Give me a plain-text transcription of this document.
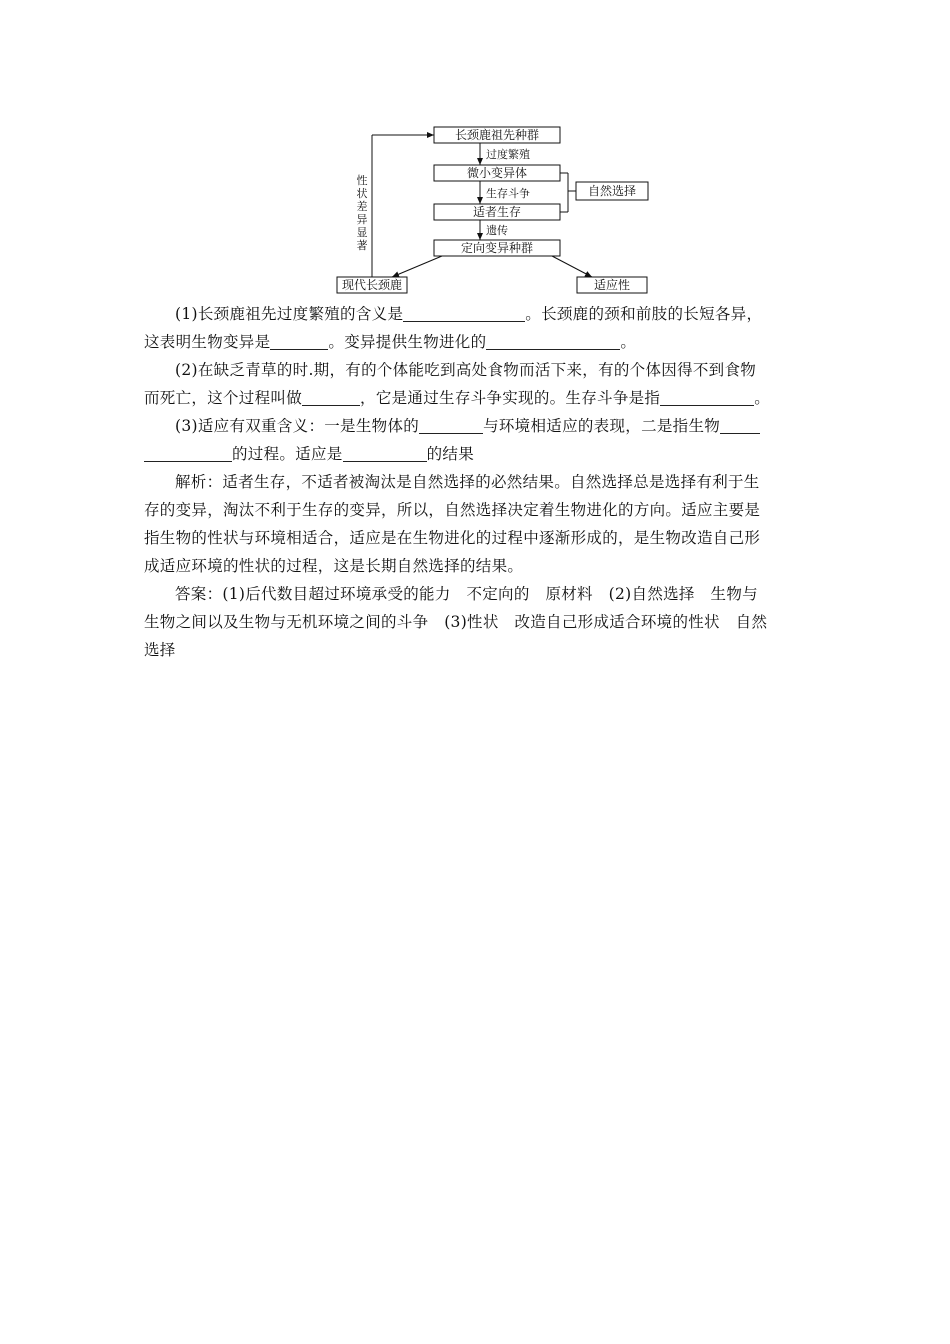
长颈鹿祖先种群
微小变异体
适者生存
定向变异种群
现代长颈鹿	适应性
自然选择
过度繁殖
生存斗争
遗传
性
状
差
异
显
著

(1)长颈鹿祖先过度繁殖的含义是	。长颈鹿的颈和前肢的长短各异，

这表明生物变异是	。变异提供生物进化的	。

(2)在缺乏青草的时.期，有的个体能吃到高处食物而活下来，有的个体因得不到食物

而死亡，这个过程叫做	，它是通过生存斗争实现的。生存斗争是指	。

(3)适应有双重含义：一是生物体的	与环境相适应的表现，二是指生物

的过程。适应是	的结果

解析：适者生存，不适者被淘汰是自然选择的必然结果。自然选择总是选择有利于生

存的变异，淘汰不利于生存的变异，所以，自然选择决定着生物进化的方向。适应主要是

指生物的性状与环境相适合，适应是在生物进化的过程中逐渐形成的，是生物改造自己形

成适应环境的性状的过程，这是长期自然选择的结果。

答案：(1)后代数目超过环境承受的能力　不定向的　原材料　(2)自然选择　生物与

生物之间以及生物与无机环境之间的斗争　(3)性状　改造自己形成适合环境的性状　自然

选择
